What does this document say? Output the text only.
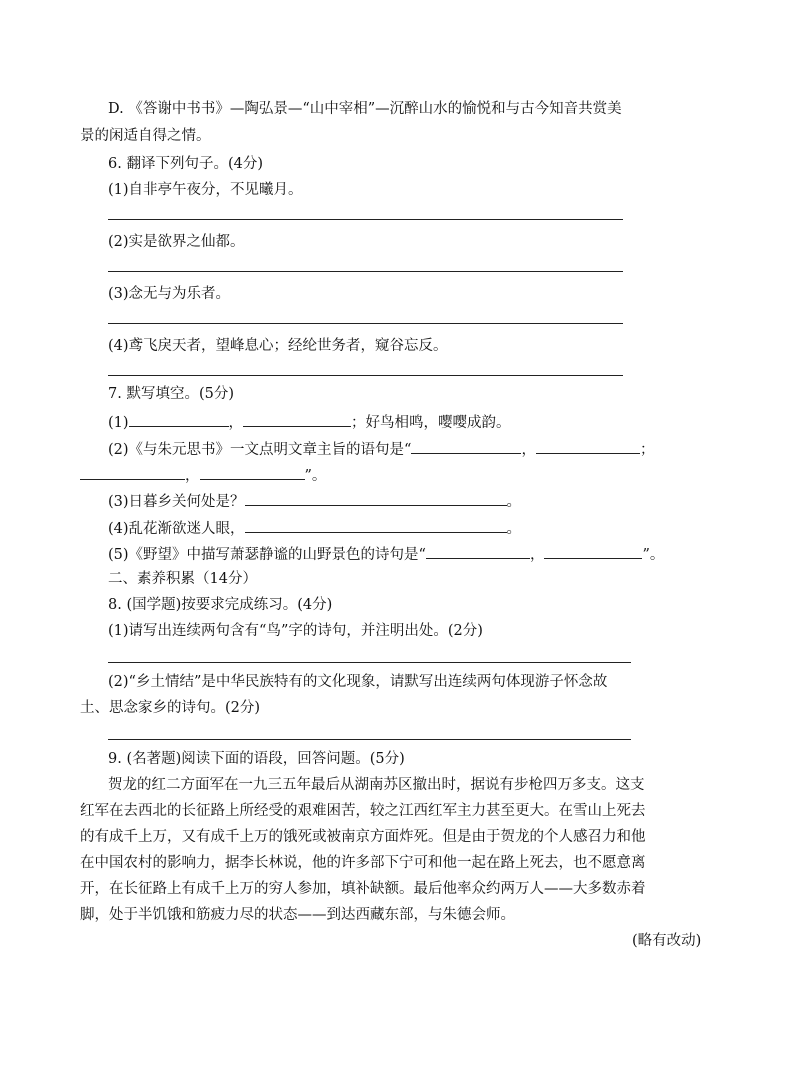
D. 《答谢中书书》—陶弘景—“山中宰相”—沉醉山水的愉悦和与古今知音共赏美
景的闲适自得之情。
6. 翻译下列句子。(4分)
(1)自非亭午夜分，不见曦月。
(2)实是欲界之仙都。
(3)念无与为乐者。
(4)鸢飞戾天者，望峰息心；经纶世务者，窥谷忘反。
7. 默写填空。(5分)
(1)	，	；好鸟相鸣，嘤嘤成韵。
(2)《与朱元思书》一文点明文章主旨的语句是“	，	；
，	”。
(3)日暮乡关何处是？	。
(4)乱花渐欲迷人眼，	。
(5)《野望》中描写萧瑟静谧的山野景色的诗句是“	，	”。
二、素养积累（14分）
8. (国学题)按要求完成练习。(4分)
(1)请写出连续两句含有“鸟”字的诗句，并注明出处。(2分)
(2)“乡土情结”是中华民族特有的文化现象，请默写出连续两句体现游子怀念故
土、思念家乡的诗句。(2分)
9. (名著题)阅读下面的语段，回答问题。(5分)
贺龙的红二方面军在一九三五年最后从湖南苏区撤出时，据说有步枪四万多支。这支
红军在去西北的长征路上所经受的艰难困苦，较之江西红军主力甚至更大。在雪山上死去
的有成千上万，又有成千上万的饿死或被南京方面炸死。但是由于贺龙的个人感召力和他
在中国农村的影响力，据李长林说，他的许多部下宁可和他一起在路上死去，也不愿意离
开，在长征路上有成千上万的穷人参加，填补缺额。最后他率众约两万人——大多数赤着
脚，处于半饥饿和筋疲力尽的状态——到达西藏东部，与朱德会师。
(略有改动)
